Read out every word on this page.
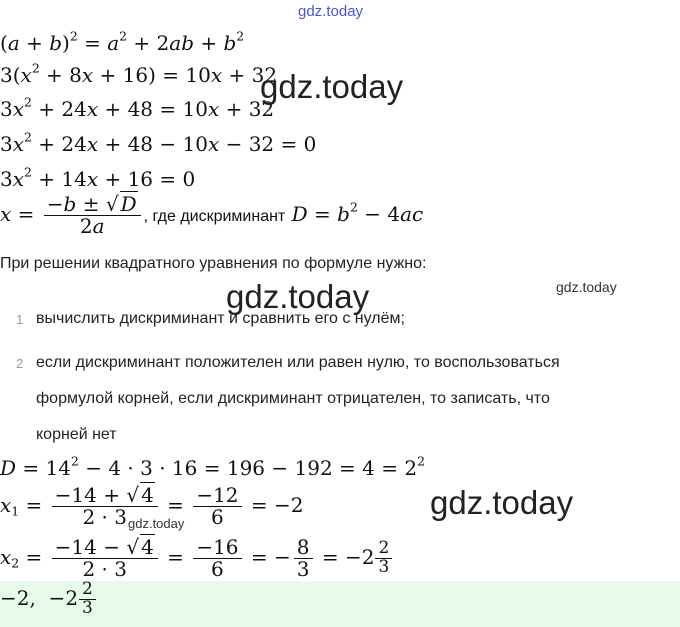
gdz.today
$(a + b)^2 = a^2 + 2ab + b^2$
$3(x^2 + 8x + 16) = 10x + 32$
$3x^2 + 24x + 48 = 10x + 32$
gdz.today
$3x^2 + 24x + 48 - 10x - 32 = 0$
$3x^2 + 14x + 16 = 0$
$x = \frac{-b \pm √ D}{2a}$ , где дискриминант $D = b^2 - 4ac$
При решении квадратного уравнения по формуле нужно:
gdz.today	gdz.today
1 вычислить дискриминант и сравнить его с нулём;
2 если дискриминант положителен или равен нулю, то воспользоваться
формулой корней, если дискриминант отрицателен, то записать, что
корней нет
$D = 14^2 - 4 \cdot 3 \cdot 16 = 196 - 192 = 4 = 2^2$
gdz.today
$x_1 = \frac{-14 + √ 4}{2 \cdot 3} = \frac{-12}{6} = -2$
gdz.today
$x_2 = \frac{-14 - √ 4}{2 \cdot 3} = \frac{-16}{6}$ = − $\frac{8}{3} = -2 \frac{2}{3}$
−2,  $-2 \frac{2}{3}$
